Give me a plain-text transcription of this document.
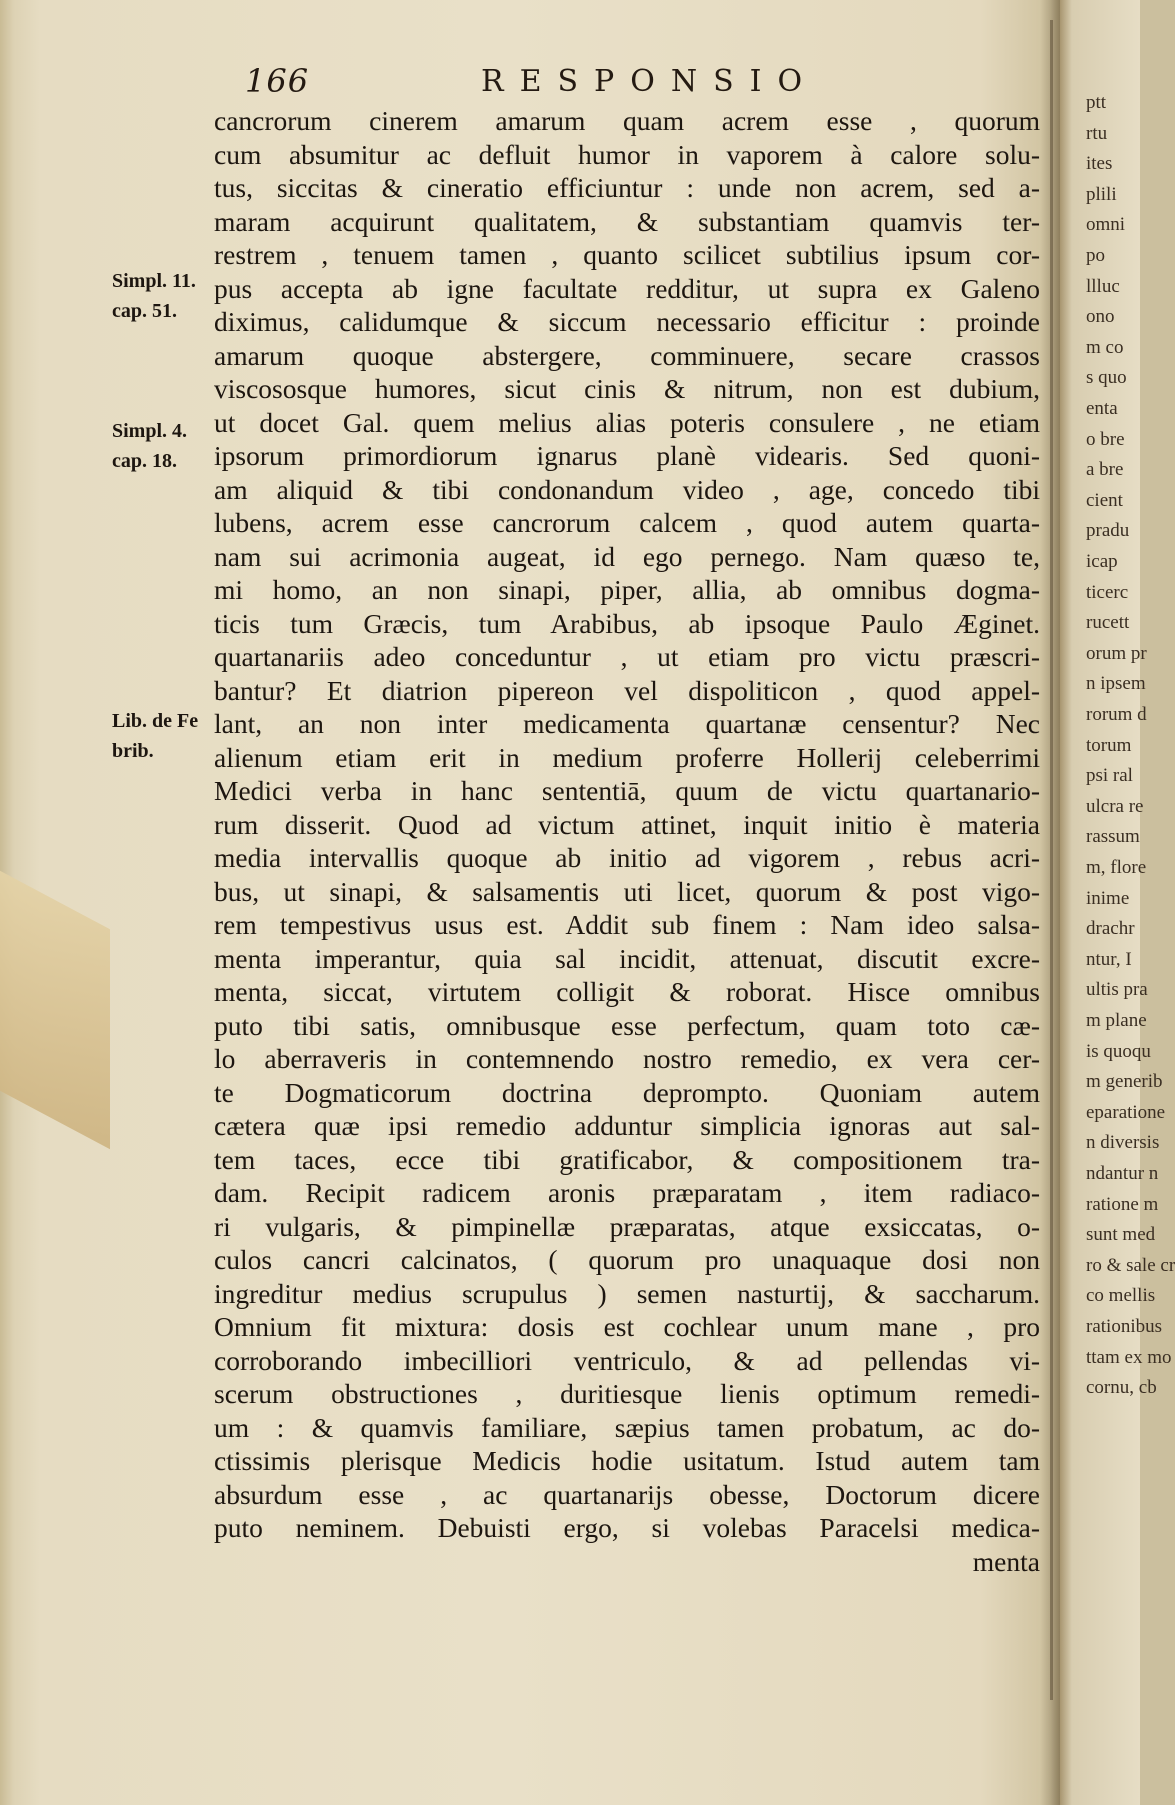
166	RESPONSIO
Simpl. 11.
cap. 51.
Simpl. 4.
cap. 18.
Lib. de Fe
brib.
cancrorum cinerem amarum quam acrem esse , quorum
cum absumitur ac defluit humor in vaporem à calore solu-
tus, siccitas & cineratio efficiuntur : unde non acrem, sed a-
maram acquirunt qualitatem, & substantiam quamvis ter-
restrem , tenuem tamen , quanto scilicet subtilius ipsum cor-
pus accepta ab igne facultate redditur, ut supra ex Galeno
diximus, calidumque & siccum necessario efficitur : proinde
amarum quoque abstergere, comminuere, secare crassos
viscososque humores, sicut cinis & nitrum, non est dubium,
ut docet Gal. quem melius alias poteris consulere , ne etiam
ipsorum primordiorum ignarus planè videaris. Sed quoni-
am aliquid & tibi condonandum video , age, concedo tibi
lubens, acrem esse cancrorum calcem , quod autem quarta-
nam sui acrimonia augeat, id ego pernego. Nam quæso te,
mi homo, an non sinapi, piper, allia, ab omnibus dogma-
ticis tum Græcis, tum Arabibus, ab ipsoque Paulo Æginet.
quartanariis adeo conceduntur , ut etiam pro victu præscri-
bantur? Et diatrion pipereon vel dispoliticon , quod appel-
lant, an non inter medicamenta quartanæ censentur? Nec
alienum etiam erit in medium proferre Hollerij celeberrimi
Medici verba in hanc sententiā, quum de victu quartanario-
rum disserit. Quod ad victum attinet, inquit initio è materia
media intervallis quoque ab initio ad vigorem , rebus acri-
bus, ut sinapi, & salsamentis uti licet, quorum & post vigo-
rem tempestivus usus est. Addit sub finem : Nam ideo salsa-
menta imperantur, quia sal incidit, attenuat, discutit excre-
menta, siccat, virtutem colligit & roborat. Hisce omnibus
puto tibi satis, omnibusque esse perfectum, quam toto cæ-
lo aberraveris in contemnendo nostro remedio, ex vera cer-
te Dogmaticorum doctrina deprompto. Quoniam autem
cætera quæ ipsi remedio adduntur simplicia ignoras aut sal-
tem taces, ecce tibi gratificabor, & compositionem tra-
dam. Recipit radicem aronis præparatam , item radiaco-
ri vulgaris, & pimpinellæ præparatas, atque exsiccatas, o-
culos cancri calcinatos, ( quorum pro unaquaque dosi non
ingreditur medius scrupulus ) semen nasturtij, & saccharum.
Omnium fit mixtura: dosis est cochlear unum mane , pro
corroborando imbecilliori ventriculo, & ad pellendas vi-
scerum obstructiones , duritiesque lienis optimum remedi-
um : & quamvis familiare, sæpius tamen probatum, ac do-
ctissimis plerisque Medicis hodie usitatum. Istud autem tam
absurdum esse , ac quartanarijs obesse, Doctorum dicere
puto neminem. Debuisti ergo, si volebas Paracelsi medica-
menta
ptt
rtu
ites
plili
omni
po
llluc
ono
m co
s quo
enta
o bre
a bre
cient
pradu
icap
ticerc
rucett
orum pr
n ipsem
rorum d
torum
psi ral
ulcra re
rassum
m, flore
inime
drachr
ntur, I
ultis pra
m plane
is quoqu
m generib
eparatione
n diversis
ndantur n
ratione m
sunt med
ro & sale cr
co mellis
rationibus
ttam ex mo
cornu, cb
